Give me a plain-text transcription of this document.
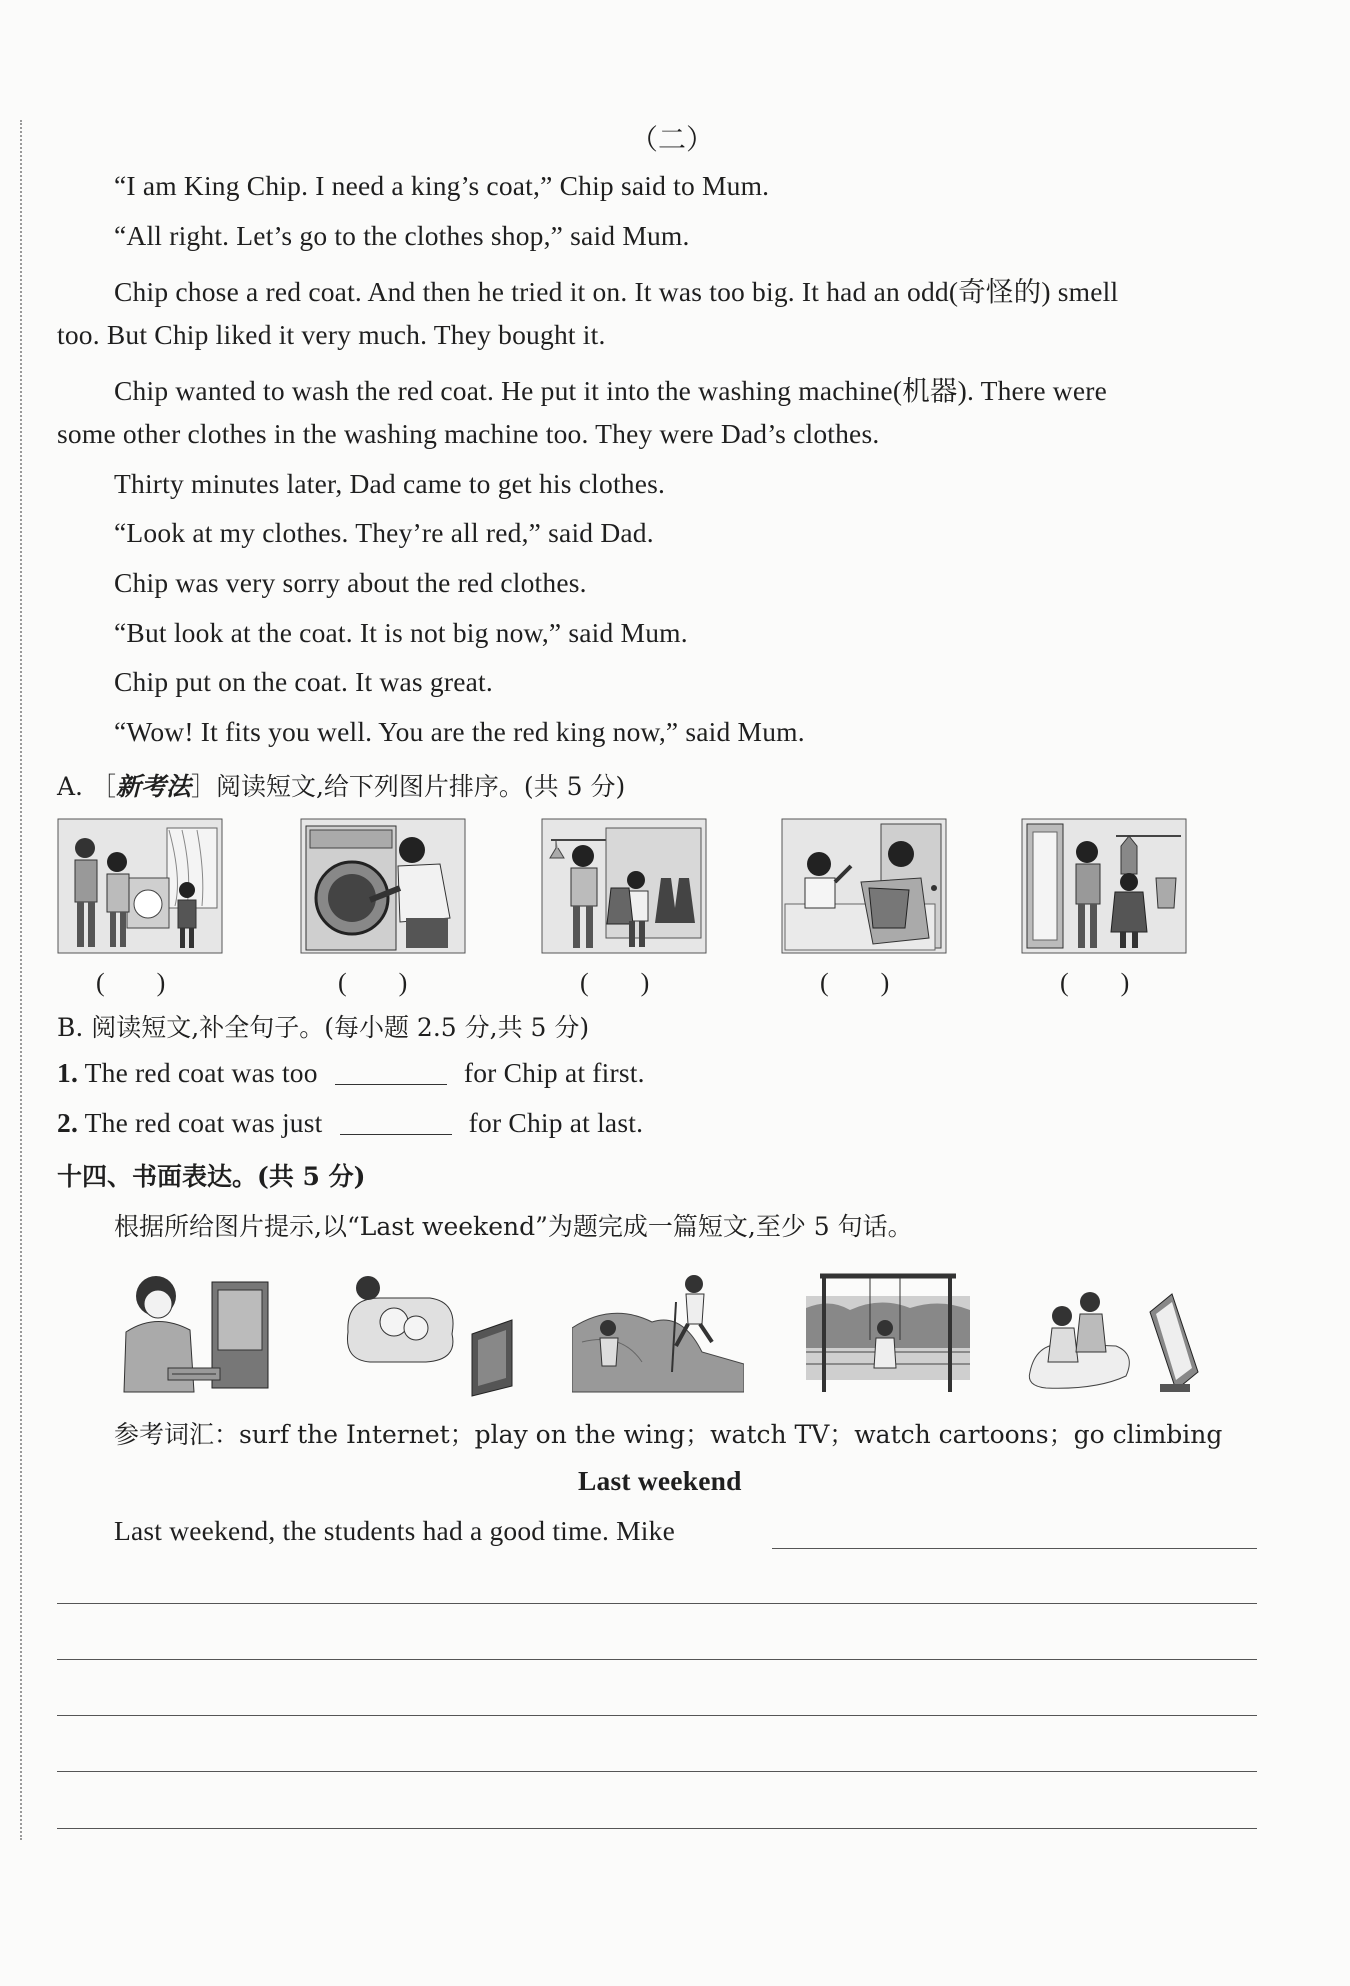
（二）
“I am King Chip. I need a king’s coat,” Chip said to Mum.
“All right. Let’s go to the clothes shop,” said Mum.
Chip chose a red coat. And then he tried it on. It was too big. It had an odd(奇怪的) smell
too. But Chip liked it very much. They bought it.
Chip wanted to wash the red coat. He put it into the washing machine(机器). There were
some other clothes in the washing machine too. They were Dad’s clothes.
Thirty minutes later, Dad came to get his clothes.
“Look at my clothes. They’re all red,” said Dad.
Chip was very sorry about the red clothes.
“But look at the coat. It is not big now,” said Mum.
Chip put on the coat. It was great.
“Wow! It fits you well. You are the red king now,” said Mum.
A. ［新考法］阅读短文,给下列图片排序。(共 5 分)
(　　)	(　　)	(　　)	(　　)	(　　)
B. 阅读短文,补全句子。(每小题 2.5 分,共 5 分)
1. The red coat was too	for Chip at first.
2. The red coat was just	for Chip at last.
十四、书面表达。(共 5 分)
根据所给图片提示,以“Last weekend”为题完成一篇短文,至少 5 句话。
参考词汇：surf the Internet；play on the wing；watch TV；watch cartoons；go climbing
Last weekend
Last weekend, the students had a good time. Mike
